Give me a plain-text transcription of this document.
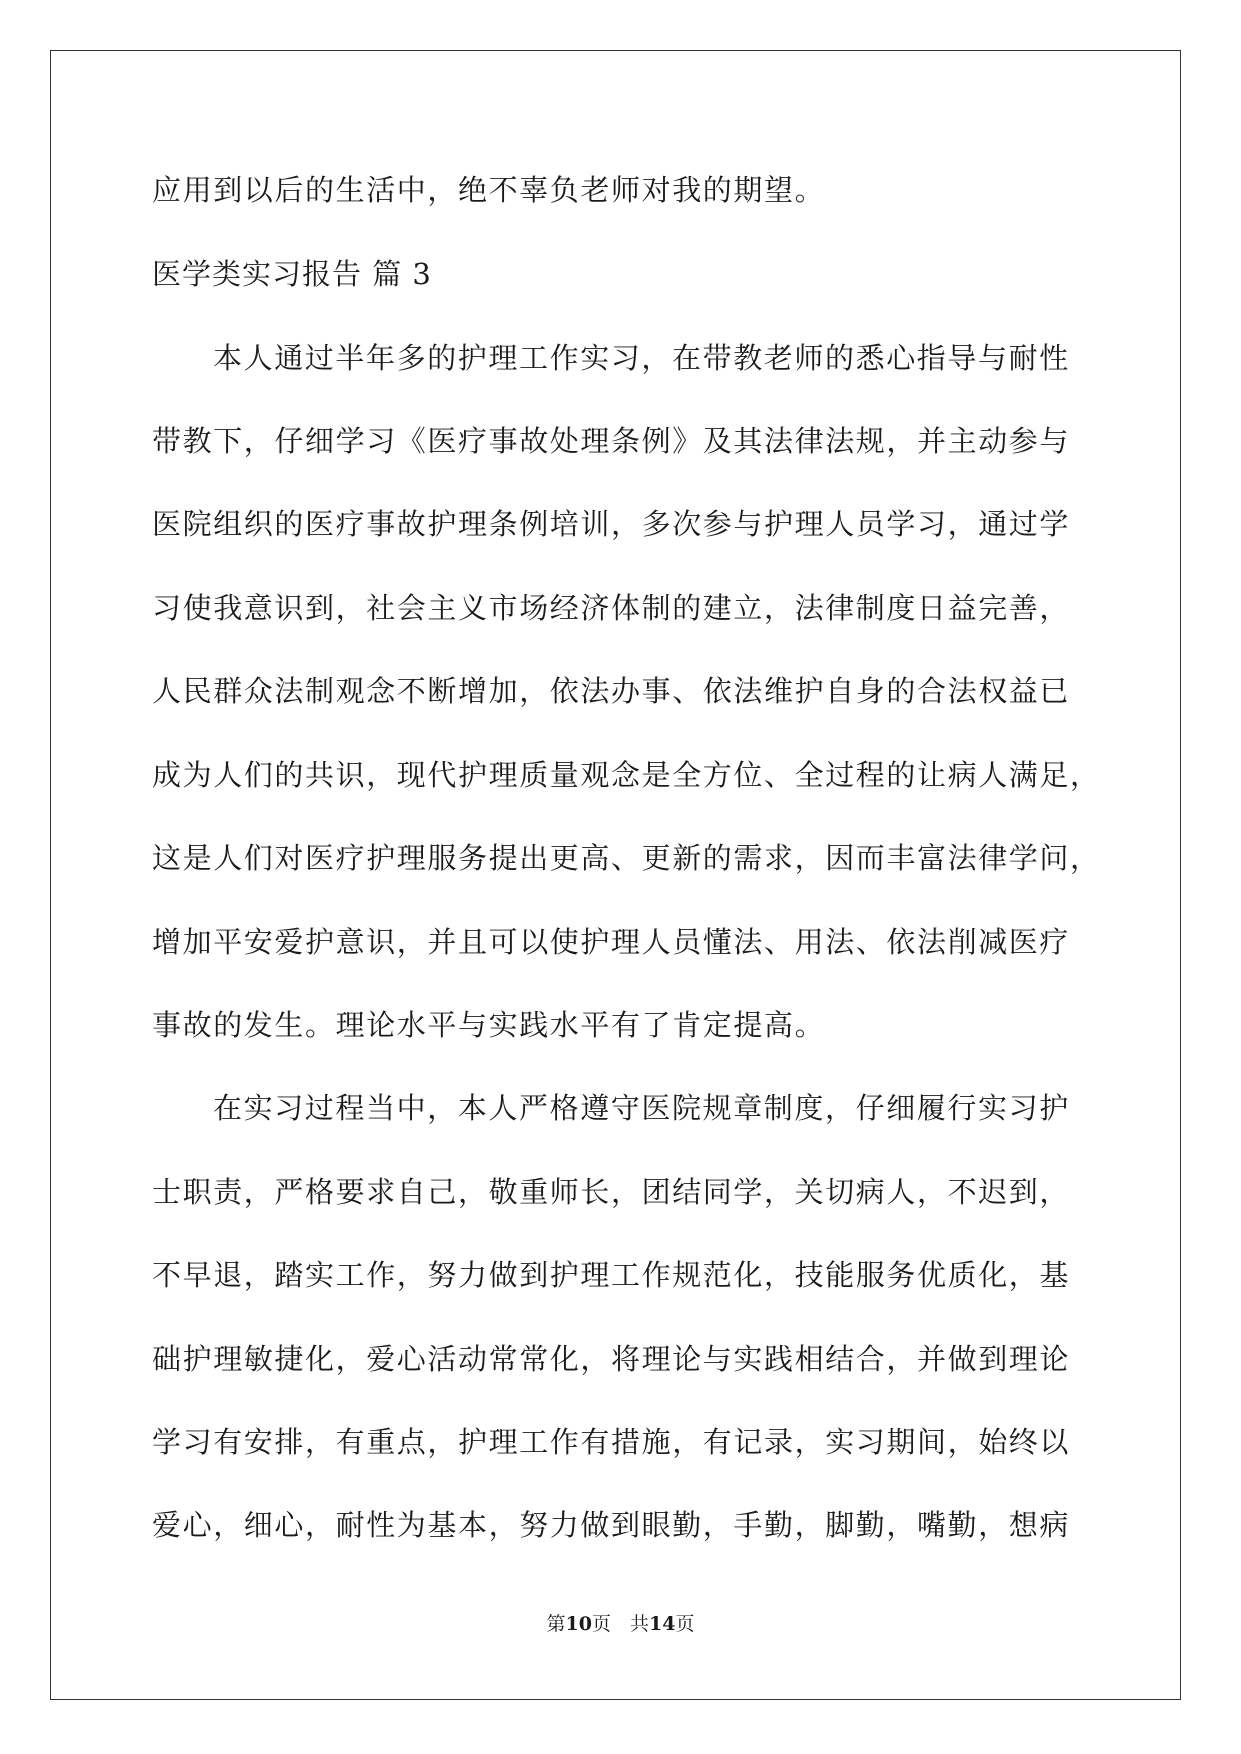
应用到以后的生活中，绝不辜负老师对我的期望。
医学类实习报告 篇 3
本人通过半年多的护理工作实习，在带教老师的悉心指导与耐性
带教下，仔细学习《医疗事故处理条例》及其法律法规，并主动参与
医院组织的医疗事故护理条例培训，多次参与护理人员学习，通过学
习使我意识到，社会主义市场经济体制的建立，法律制度日益完善，
人民群众法制观念不断增加，依法办事、依法维护自身的合法权益已
成为人们的共识，现代护理质量观念是全方位、全过程的让病人满足，
这是人们对医疗护理服务提出更高、更新的需求，因而丰富法律学问，
增加平安爱护意识，并且可以使护理人员懂法、用法、依法削减医疗
事故的发生。理论水平与实践水平有了肯定提高。
在实习过程当中，本人严格遵守医院规章制度，仔细履行实习护
士职责，严格要求自己，敬重师长，团结同学，关切病人，不迟到，
不早退，踏实工作，努力做到护理工作规范化，技能服务优质化，基
础护理敏捷化，爱心活动常常化，将理论与实践相结合，并做到理论
学习有安排，有重点，护理工作有措施，有记录，实习期间，始终以
爱心，细心，耐性为基本，努力做到眼勤，手勤，脚勤，嘴勤，想病
第10页　共14页
